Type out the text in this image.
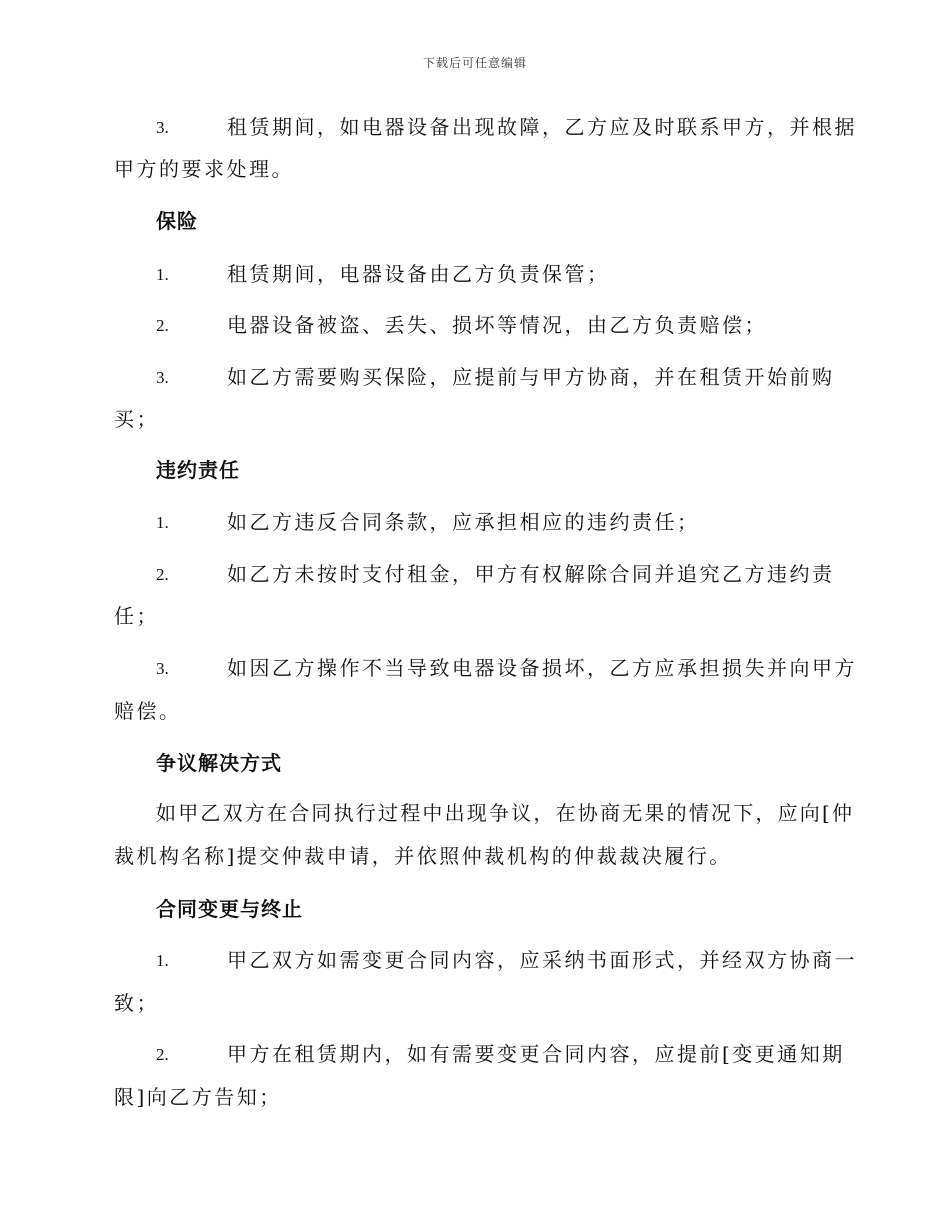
下载后可任意编辑
3.	租赁期间，如电器设备出现故障，乙方应及时联系甲方，并根据
甲方的要求处理。
保险
1.	租赁期间，电器设备由乙方负责保管；
2.	电器设备被盗、丢失、损坏等情况，由乙方负责赔偿；
3.	如乙方需要购买保险，应提前与甲方协商，并在租赁开始前购
买；
违约责任
1.	如乙方违反合同条款，应承担相应的违约责任；
2.	如乙方未按时支付租金，甲方有权解除合同并追究乙方违约责
任；
3.	如因乙方操作不当导致电器设备损坏，乙方应承担损失并向甲方
赔偿。
争议解决方式
如甲乙双方在合同执行过程中出现争议，在协商无果的情况下，应向[仲
裁机构名称]提交仲裁申请，并依照仲裁机构的仲裁裁决履行。
合同变更与终止
1.	甲乙双方如需变更合同内容，应采纳书面形式，并经双方协商一
致；
2.	甲方在租赁期内，如有需要变更合同内容，应提前[变更通知期
限]向乙方告知；
